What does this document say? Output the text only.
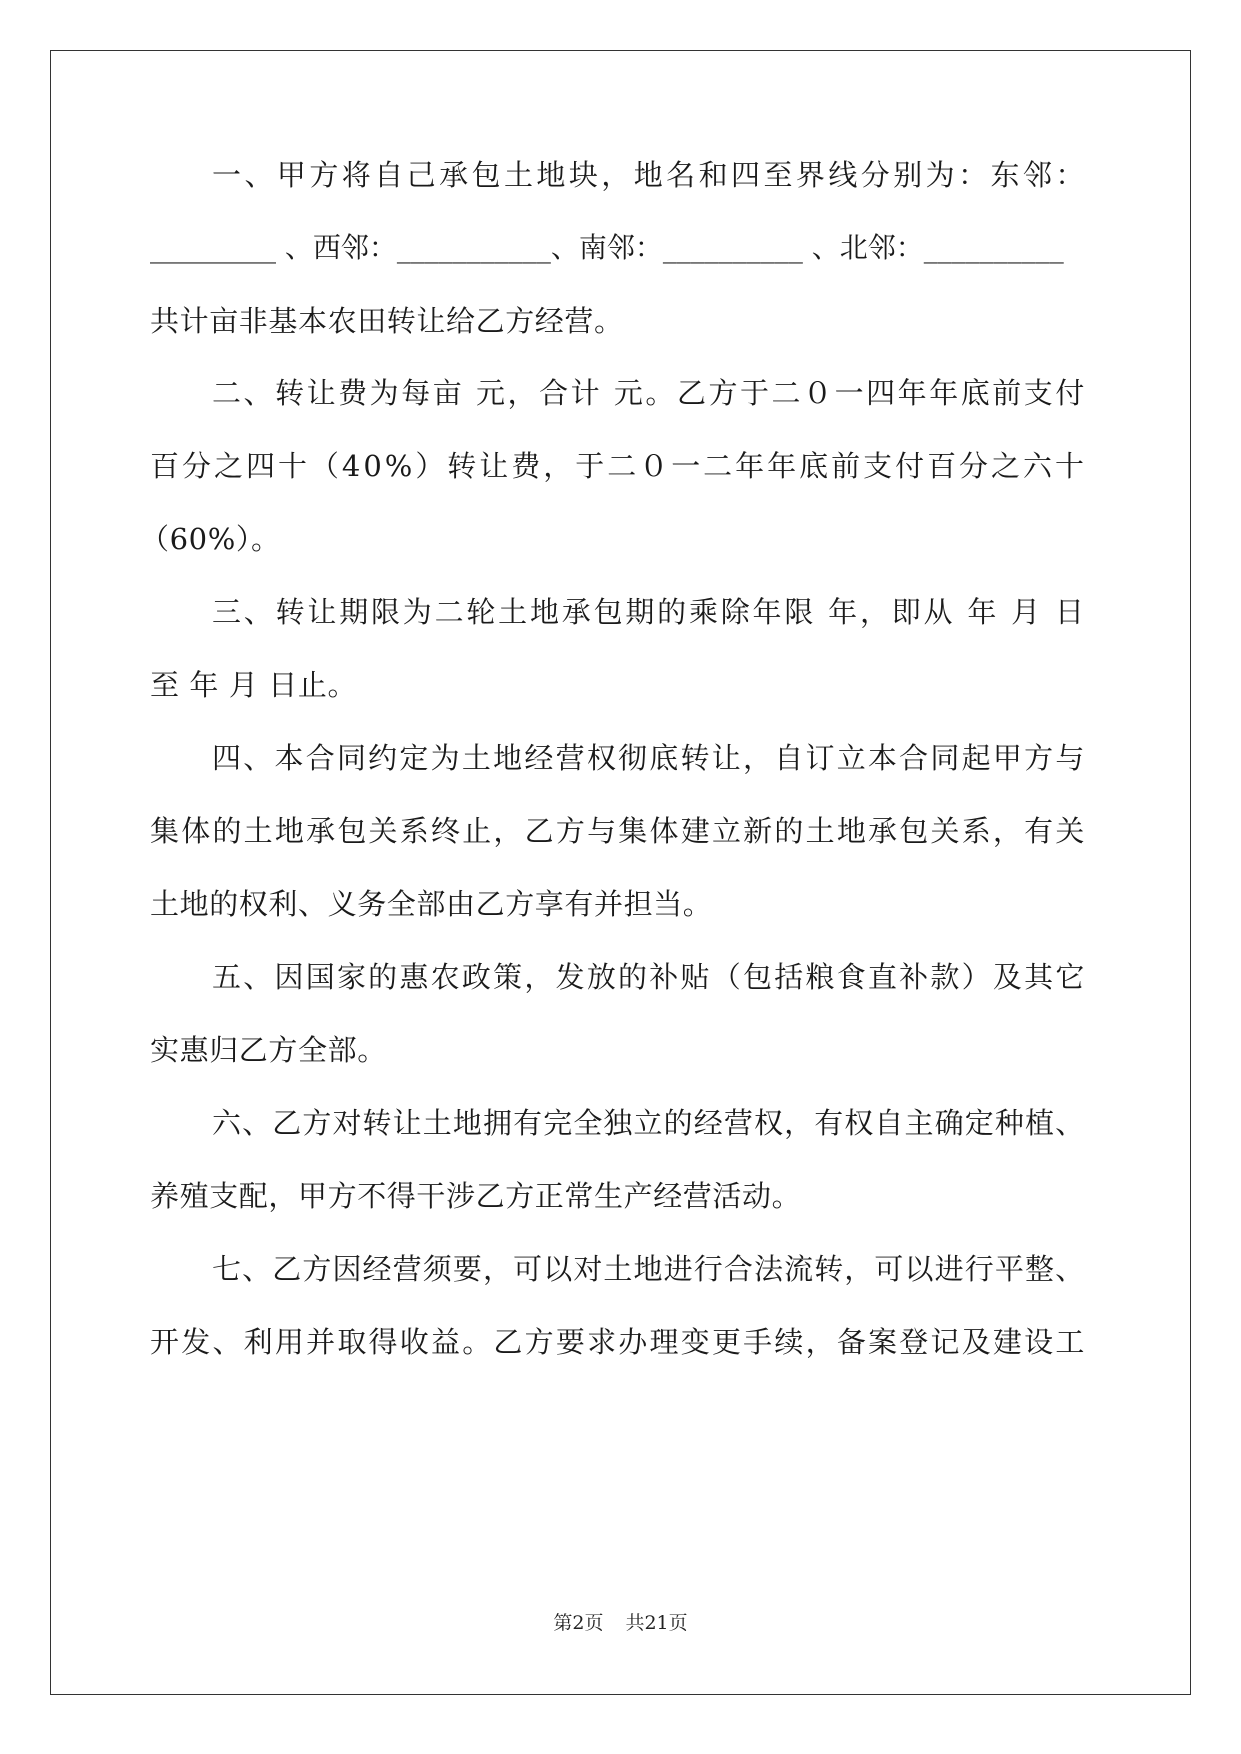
一 、 甲 方 将 自 己 承 包 土 地 块 ， 地 名 和 四 至 界 线 分 别 为 ： 东 邻 ：
_________ 、西邻：___________、南邻：__________ 、北邻：__________
共计亩非基本农田转让给乙方经营。
二 、 转 让 费 为 每 亩
元 ， 合 计
元 。 乙 方 于 二 ０ 一 四 年 年 底 前 支 付
百 分 之 四 十 （ 4 0 % ） 转 让 费 ， 于 二 ０ 一 二 年 年 底 前 支 付 百 分 之 六 十
（60%）。
三 、 转 让 期 限 为 二 轮 土 地 承 包 期 的 乘 除 年 限
年 ， 即 从
年
月
日
至 年 月 日止。
四 、 本 合 同 约 定 为 土 地 经 营 权 彻 底 转 让 ， 自 订 立 本 合 同 起 甲 方 与
集 体 的 土 地 承 包 关 系 终 止 ， 乙 方 与 集 体 建 立 新 的 土 地 承 包 关 系 ， 有 关
土地的权利、义务全部由乙方享有并担当。
五 、 因 国 家 的 惠 农 政 策 ， 发 放 的 补 贴 （ 包 括 粮 食 直 补 款 ） 及 其 它
实惠归乙方全部。
六 、 乙 方 对 转 让 土 地 拥 有 完 全 独 立 的 经 营 权 ， 有 权 自 主 确 定 种 植 、
养殖支配，甲方不得干涉乙方正常生产经营活动。
七 、 乙 方 因 经 营 须 要 ， 可 以 对 土 地 进 行 合 法 流 转 ， 可 以 进 行 平 整 、
开 发 、 利 用 并 取 得 收 益 。 乙 方 要 求 办 理 变 更 手 续 ， 备 案 登 记 及 建 设 工
第2页 共21页
